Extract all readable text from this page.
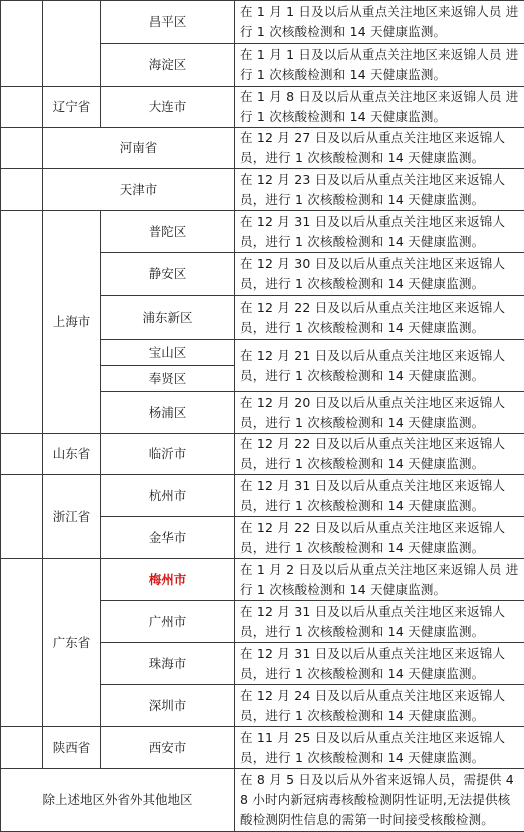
		昌平区	在 1 月 1 日及以后从重点关注地区来返锦人员 进行 1 次核酸检测和 14 天健康监测。
		海淀区	在 1 月 1 日及以后从重点关注地区来返锦人员 进行 1 次核酸检测和 14 天健康监测。
	辽宁省	大连市	在 1 月 8 日及以后从重点关注地区来返锦人员 进行 1 次核酸检测和 14 天健康监测。
	河南省		在 12 月 27 日及以后从重点关注地区来返锦人员，进行 1 次核酸检测和 14 天健康监测。
	天津市		在 12 月 23 日及以后从重点关注地区来返锦人员，进行 1 次核酸检测和 14 天健康监测。
	上海市	普陀区	在 12 月 31 日及以后从重点关注地区来返锦人员，进行 1 次核酸检测和 14 天健康监测。
		静安区	在 12 月 30 日及以后从重点关注地区来返锦人员，进行 1 次核酸检测和 14 天健康监测。
		浦东新区	在 12 月 22 日及以后从重点关注地区来返锦人员，进行 1 次核酸检测和 14 天健康监测。
		宝山区	在 12 月 21 日及以后从重点关注地区来返锦人员，进行 1 次核酸检测和 14 天健康监测。
		奉贤区	
		杨浦区	在 12 月 20 日及以后从重点关注地区来返锦人员，进行 1 次核酸检测和 14 天健康监测。
	山东省	临沂市	在 12 月 22 日及以后从重点关注地区来返锦人员，进行 1 次核酸检测和 14 天健康监测。
	浙江省	杭州市	在 12 月 31 日及以后从重点关注地区来返锦人员，进行 1 次核酸检测和 14 天健康监测。
		金华市	在 12 月 22 日及以后从重点关注地区来返锦人员，进行 1 次核酸检测和 14 天健康监测。
	广东省	梅州市	在 1 月 2 日及以后从重点关注地区来返锦人员 进行 1 次核酸检测和 14 天健康监测。
		广州市	在 12 月 31 日及以后从重点关注地区来返锦人员，进行 1 次核酸检测和 14 天健康监测。
		珠海市	在 12 月 31 日及以后从重点关注地区来返锦人员，进行 1 次核酸检测和 14 天健康监测。
		深圳市	在 12 月 24 日及以后从重点关注地区来返锦人员，进行 1 次核酸检测和 14 天健康监测。
	陕西省	西安市	在 11 月 25 日及以后从重点关注地区来返锦人员，进行 1 次核酸检测和 14 天健康监测。
除上述地区外省外其他地区			在 8 月 5 日及以后从外省来返锦人员，需提供 48 小时内新冠病毒核酸检测阴性证明,无法提供核酸检测阴性信息的需第一时间接受核酸检测。
